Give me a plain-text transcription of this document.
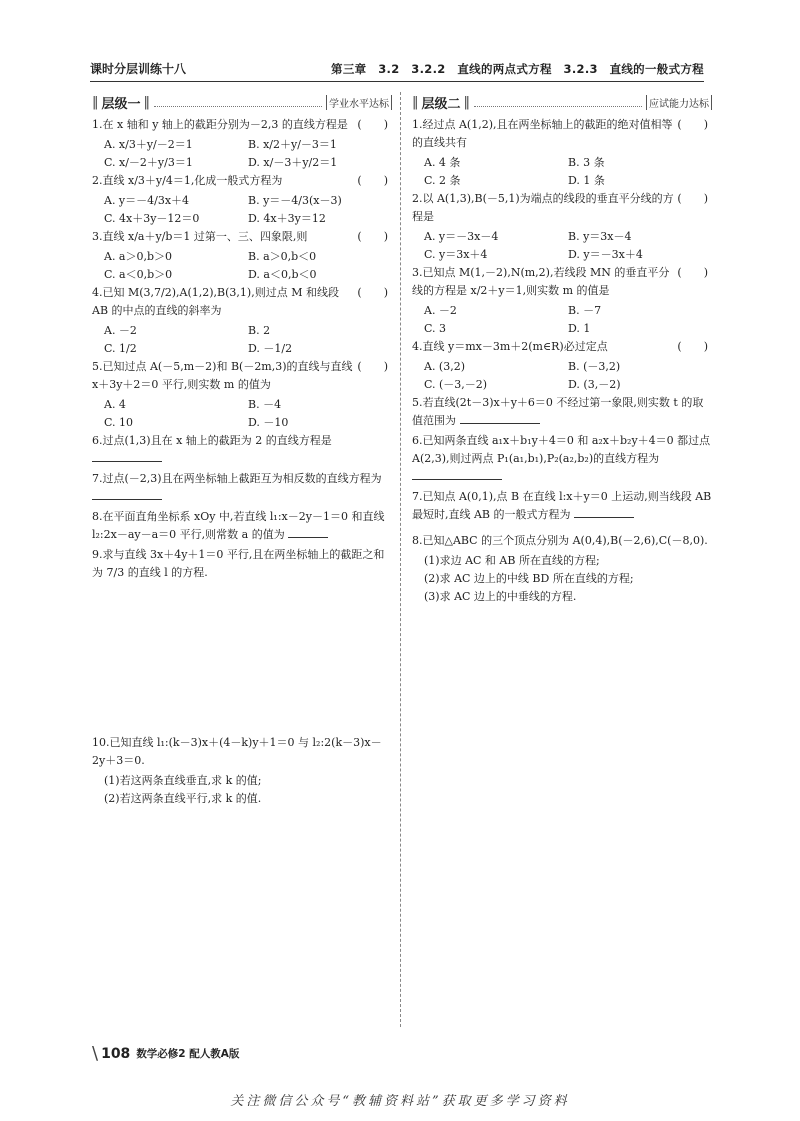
课时分层训练十八	第三章　3.2　3.2.2　直线的两点式方程　3.2.3　直线的一般式方程
‖ 层级一 ‖	学业水平达标
1.在 x 轴和 y 轴上的截距分别为－2,3 的直线方程是 (　　)
A. x/3＋y/－2＝1	B. x/2＋y/－3＝1
C. x/－2＋y/3＝1	D. x/－3＋y/2＝1
2.直线 x/3＋y/4＝1,化成一般式方程为	(　　)
A. y＝－4/3x＋4	B. y＝－4/3(x－3)
C. 4x＋3y－12＝0	D. 4x＋3y＝12
3.直线 x/a＋y/b＝1 过第一、三、四象限,则	(　　)
A. a＞0,b＞0	B. a＞0,b＜0
C. a＜0,b＞0	D. a＜0,b＜0
4.已知 M(3,7/2),A(1,2),B(3,1),则过点 M 和线段 AB 的中点的直线的斜率为
(　　)
A. －2	B. 2
C. 1/2	D. －1/2
5.已知过点 A(－5,m－2)和 B(－2m,3)的直线与直线 x＋3y＋2＝0 平行,则实数 m 的值为
(　　)
A. 4	B. －4
C. 10	D. －10
6.过点(1,3)且在 x 轴上的截距为 2 的直线方程是
7.过点(－2,3)且在两坐标轴上截距互为相反数的直线方程为
8.在平面直角坐标系 xOy 中,若直线 l₁:x－2y－1＝0 和直线 l₂:2x－ay－a＝0 平行,则常数 a 的值为
9.求与直线 3x＋4y＋1＝0 平行,且在两坐标轴上的截距之和为 7/3 的直线 l 的方程.
10.已知直线 l₁:(k－3)x＋(4－k)y＋1＝0 与 l₂:2(k－3)x－2y＋3＝0.
(1)若这两条直线垂直,求 k 的值;
(2)若这两条直线平行,求 k 的值.
‖ 层级二 ‖	应试能力达标
1.经过点 A(1,2),且在两坐标轴上的截距的绝对值相等的直线共有
(　　)
A. 4 条	B. 3 条
C. 2 条	D. 1 条
2.以 A(1,3),B(－5,1)为端点的线段的垂直平分线的方程是
(　　)
A. y＝－3x－4	B. y＝3x－4
C. y＝3x＋4	D. y＝－3x＋4
3.已知点 M(1,－2),N(m,2),若线段 MN 的垂直平分线的方程是 x/2＋y＝1,则实数 m 的值是
(　　)
A. －2	B. －7
C. 3	D. 1
4.直线 y＝mx－3m＋2(m∈R)必过定点	(　　)
A. (3,2)	B. (－3,2)
C. (－3,－2)	D. (3,－2)
5.若直线(2t－3)x＋y＋6＝0 不经过第一象限,则实数 t 的取值范围为
6.已知两条直线 a₁x＋b₁y＋4＝0 和 a₂x＋b₂y＋4＝0 都过点 A(2,3),则过两点 P₁(a₁,b₁),P₂(a₂,b₂)的直线方程为
7.已知点 A(0,1),点 B 在直线 l:x＋y＝0 上运动,则当线段 AB 最短时,直线 AB 的一般式方程为
8.已知△ABC 的三个顶点分别为 A(0,4),B(－2,6),C(－8,0).
(1)求边 AC 和 AB 所在直线的方程;
(2)求 AC 边上的中线 BD 所在直线的方程;
(3)求 AC 边上的中垂线的方程.
\ 108 数学必修2 配人教A版
关注微信公众号“教辅资料站”获取更多学习资料
